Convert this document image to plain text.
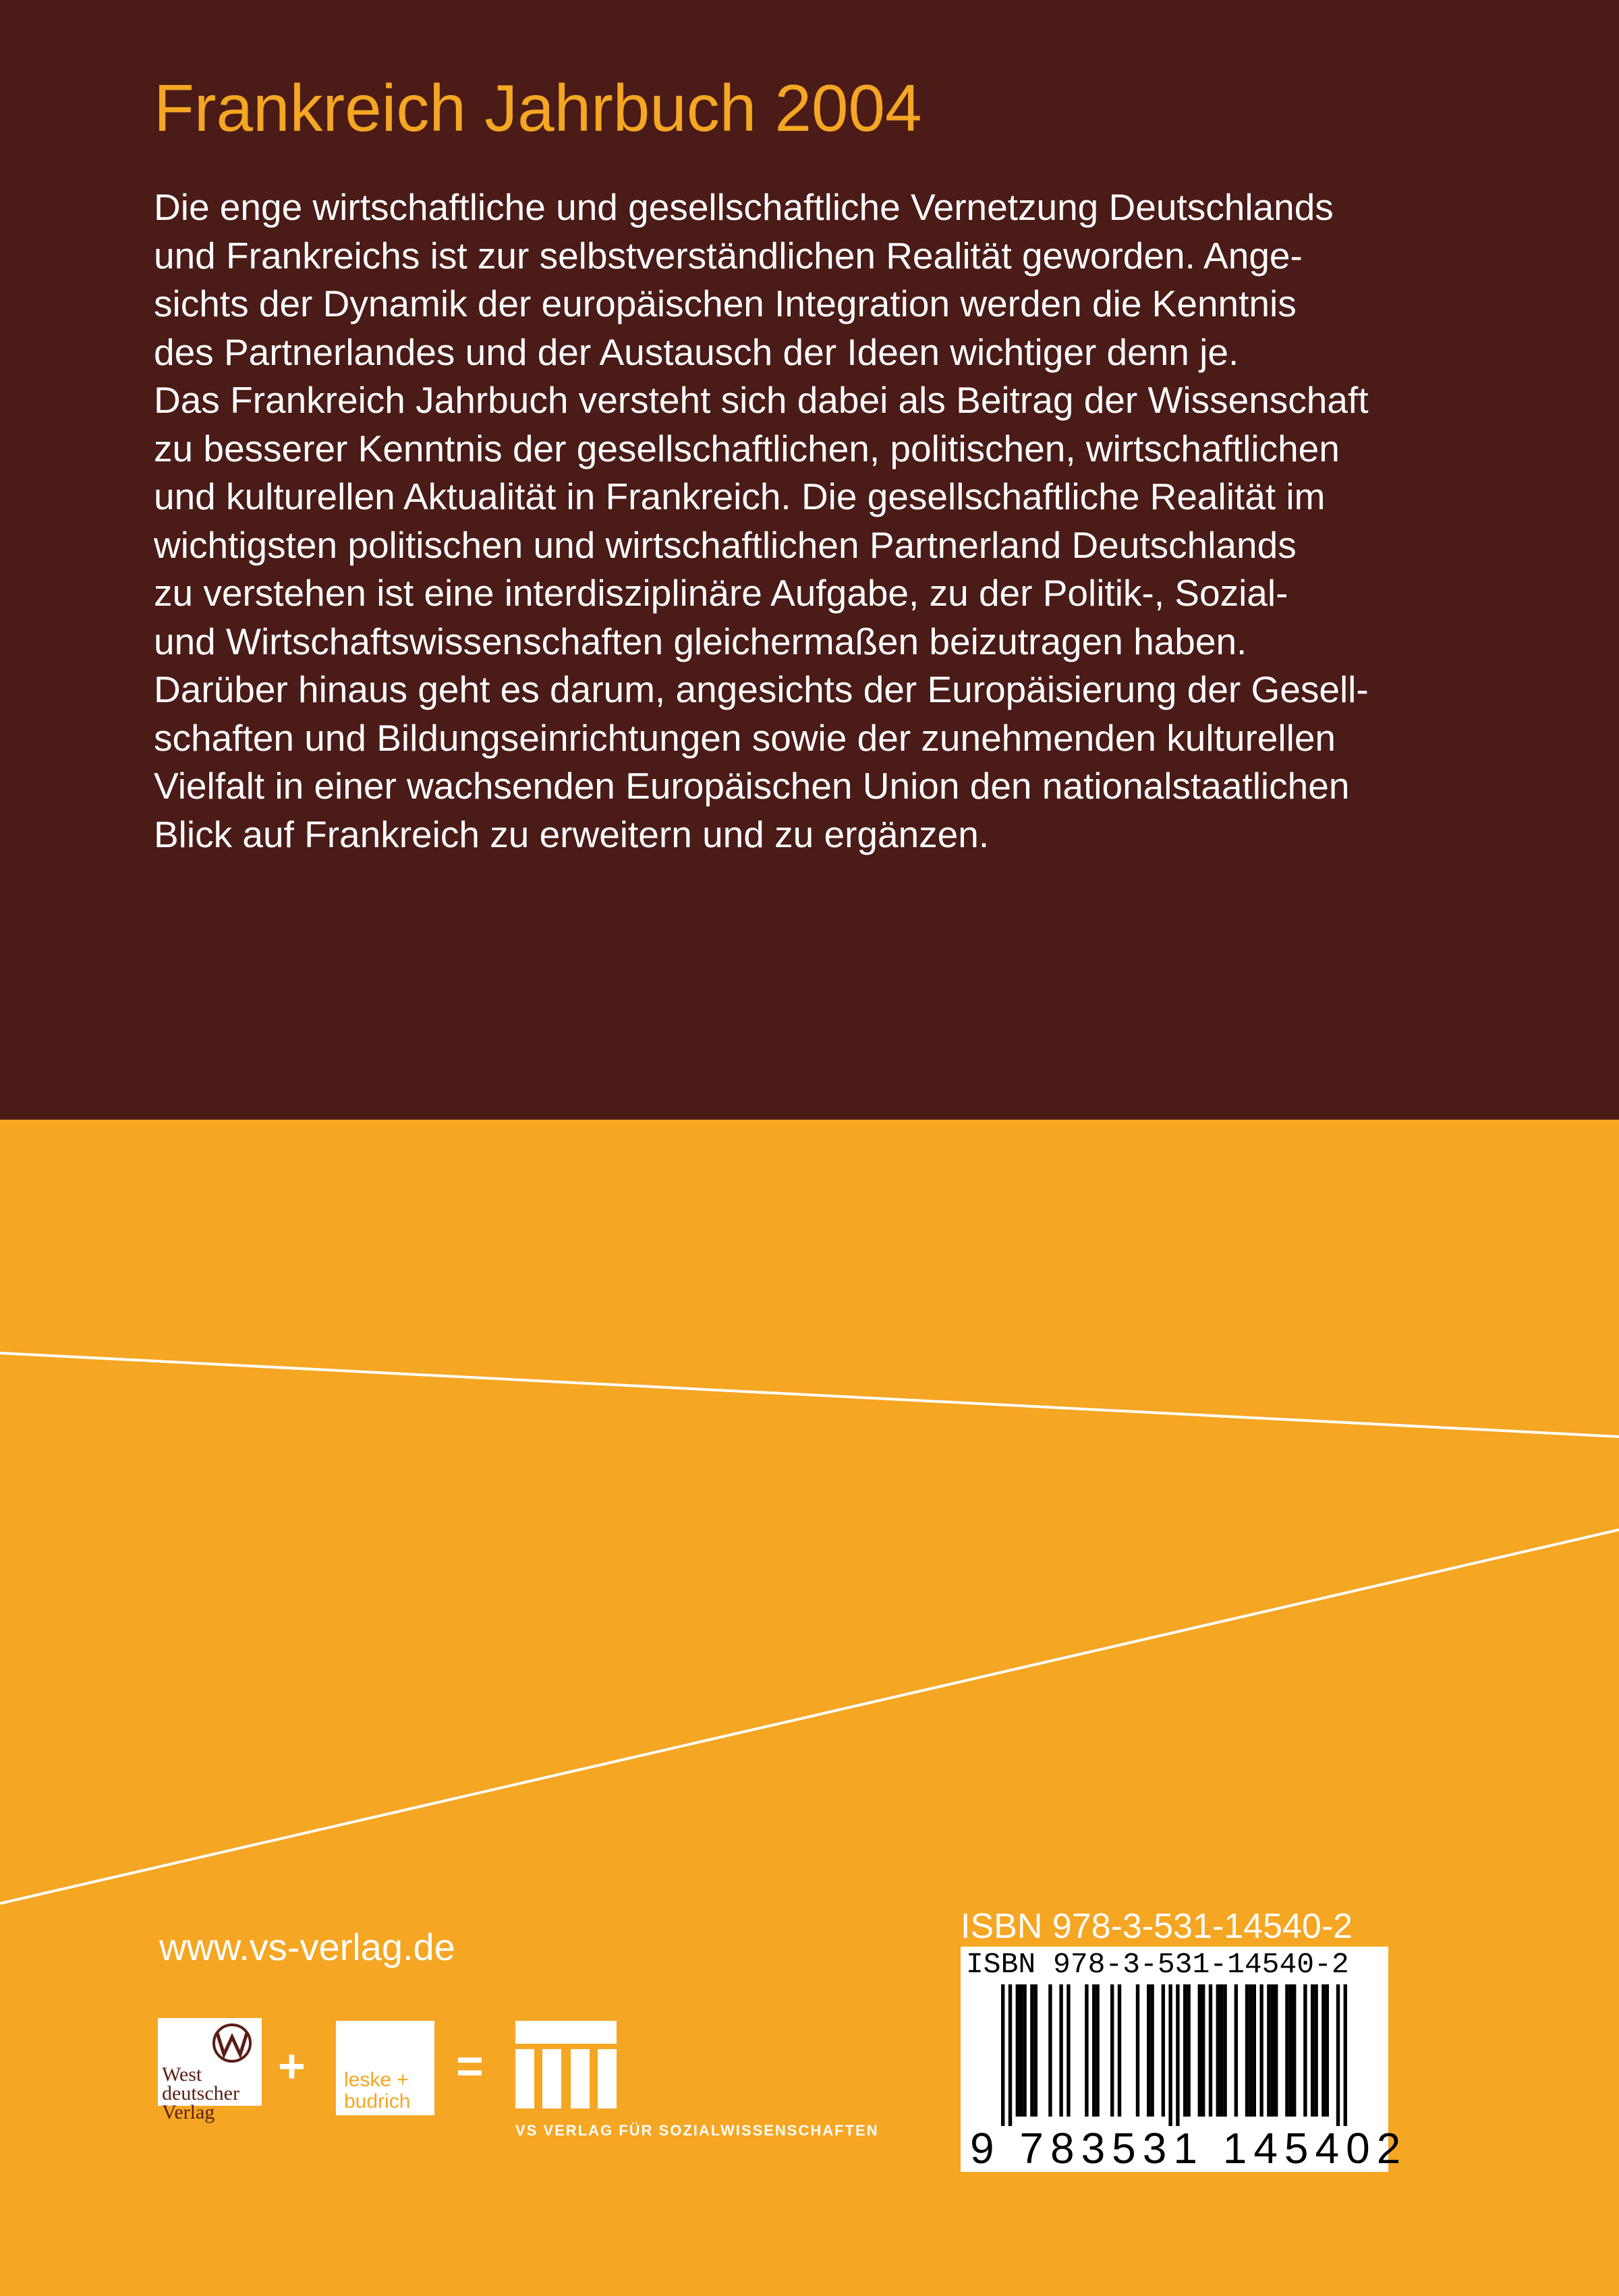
Frankreich Jahrbuch 2004
Die enge wirtschaftliche und gesellschaftliche Vernetzung Deutschlands
und Frankreichs ist zur selbstverständlichen Realität geworden. Ange-
sichts der Dynamik der europäischen Integration werden die Kenntnis
des Partnerlandes und der Austausch der Ideen wichtiger denn je.
Das Frankreich Jahrbuch versteht sich dabei als Beitrag der Wissenschaft
zu besserer Kenntnis der gesellschaftlichen, politischen, wirtschaftlichen
und kulturellen Aktualität in Frankreich. Die gesellschaftliche Realität im
wichtigsten politischen und wirtschaftlichen Partnerland Deutschlands
zu verstehen ist eine interdisziplinäre Aufgabe, zu der Politik-, Sozial-
und Wirtschaftswissenschaften gleichermaßen beizutragen haben.
Darüber hinaus geht es darum, angesichts der Europäisierung der Gesell-
schaften und Bildungseinrichtungen sowie der zunehmenden kulturellen
Vielfalt in einer wachsenden Europäischen Union den nationalstaatlichen
Blick auf Frankreich zu erweitern und zu ergänzen.
www.vs-verlag.de
West
deutscher
Verlag
+ leske +
budrich
=
VS VERLAG FÜR SOZIALWISSENSCHAFTEN
ISBN 978-3-531-14540-2
ISBN 978-3-531-14540-2
9 783531 145402
